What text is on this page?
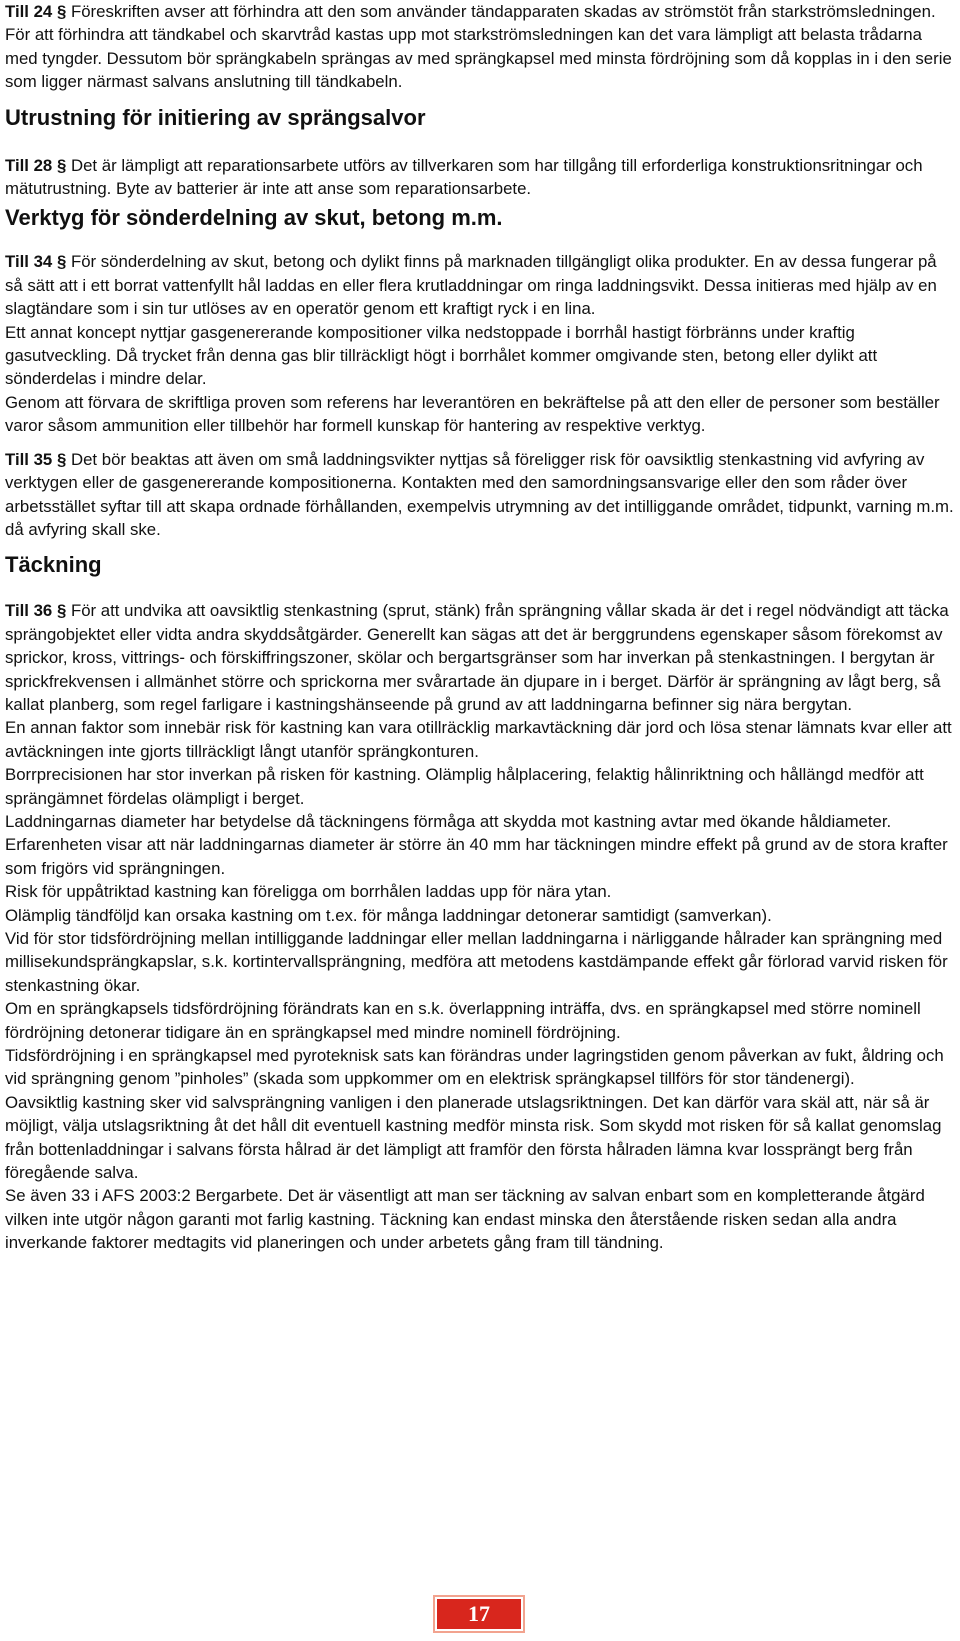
Till 24 § Föreskriften avser att förhindra att den som använder tändapparaten skadas av strömstöt från starkströmsledningen. För att förhindra att tändkabel och skarvtråd kastas upp mot starkströmsledningen kan det vara lämpligt att belasta trådarna med tyngder. Dessutom bör sprängkabeln sprängas av med sprängkapsel med minsta fördröjning som då kopplas in i den serie som ligger närmast salvans anslutning till tändkabeln.

Utrustning för initiering av sprängsalvor

Till 28 § Det är lämpligt att reparationsarbete utförs av tillverkaren som har tillgång till erforderliga konstruktionsritningar och mätutrustning. Byte av batterier är inte att anse som reparationsarbete.

Verktyg för sönderdelning av skut, betong m.m.

Till 34 § För sönderdelning av skut, betong och dylikt finns på marknaden tillgängligt olika produkter. En av dessa fungerar på så sätt att i ett borrat vattenfyllt hål laddas en eller flera krutladdningar om ringa laddningsvikt. Dessa initieras med hjälp av en slagtändare som i sin tur utlöses av en operatör genom ett kraftigt ryck i en lina.

Ett annat koncept nyttjar gasgenererande kompositioner vilka nedstoppade i borrhål hastigt förbränns under kraftig gasutveckling. Då trycket från denna gas blir tillräckligt högt i borrhålet kommer omgivande sten, betong eller dylikt att sönderdelas i mindre delar.

Genom att förvara de skriftliga proven som referens har leverantören en bekräftelse på att den eller de personer som beställer varor såsom ammunition eller tillbehör har formell kunskap för hantering av respektive verktyg.

Till 35 § Det bör beaktas att även om små laddningsvikter nyttjas så föreligger risk för oavsiktlig stenkastning vid avfyring av verktygen eller de gasgenererande kompositionerna. Kontakten med den samordningsansvarige eller den som råder över arbetsstället syftar till att skapa ordnade förhållanden, exempelvis utrymning av det intilliggande området, tidpunkt, varning m.m. då avfyring skall ske.

Täckning

Till 36 § För att undvika att oavsiktlig stenkastning (sprut, stänk) från sprängning vållar skada är det i regel nödvändigt att täcka sprängobjektet eller vidta andra skyddsåtgärder. Generellt kan sägas att det är berggrundens egenskaper såsom förekomst av sprickor, kross, vittrings- och förskiffringszoner, skölar och bergartsgränser som har inverkan på stenkastningen. I bergytan är sprickfrekvensen i allmänhet större och sprickorna mer svårartade än djupare in i berget. Därför är sprängning av lågt berg, så kallat planberg, som regel farligare i kastningshänseende på grund av att laddningarna befinner sig nära bergytan.

En annan faktor som innebär risk för kastning kan vara otillräcklig markavtäckning där jord och lösa stenar lämnats kvar eller att avtäckningen inte gjorts tillräckligt långt utanför sprängkonturen.

Borrprecisionen har stor inverkan på risken för kastning. Olämplig hålplacering, felaktig hålinriktning och hållängd medför att sprängämnet fördelas olämpligt i berget.

Laddningarnas diameter har betydelse då täckningens förmåga att skydda mot kastning avtar med ökande håldiameter. Erfarenheten visar att när laddningarnas diameter är större än 40 mm har täckningen mindre effekt på grund av de stora krafter som frigörs vid sprängningen.

Risk för uppåtriktad kastning kan föreligga om borrhålen laddas upp för nära ytan.

Olämplig tändföljd kan orsaka kastning om t.ex. för många laddningar detonerar samtidigt (samverkan).

Vid för stor tidsfördröjning mellan intilliggande laddningar eller mellan laddningarna i närliggande hålrader kan sprängning med millisekundsprängkapslar, s.k. kortintervallsprängning, medföra att metodens kastdämpande effekt går förlorad varvid risken för stenkastning ökar.

Om en sprängkapsels tidsfördröjning förändrats kan en s.k. överlappning inträffa, dvs. en sprängkapsel med större nominell fördröjning detonerar tidigare än en sprängkapsel med mindre nominell fördröjning.

Tidsfördröjning i en sprängkapsel med pyroteknisk sats kan förändras under lagringstiden genom påverkan av fukt, åldring och vid sprängning genom ”pinholes” (skada som uppkommer om en elektrisk sprängkapsel tillförs för stor tändenergi).

Oavsiktlig kastning sker vid salvsprängning vanligen i den planerade utslagsriktningen. Det kan därför vara skäl att, när så är möjligt, välja utslagsriktning åt det håll dit eventuell kastning medför minsta risk. Som skydd mot risken för så kallat genomslag från bottenladdningar i salvans första hålrad är det lämpligt att framför den första hålraden lämna kvar lossprängt berg från föregående salva.

Se även 33 i AFS 2003:2 Bergarbete. Det är väsentligt att man ser täckning av salvan enbart som en kompletterande åtgärd vilken inte utgör någon garanti mot farlig kastning. Täckning kan endast minska den återstående risken sedan alla andra inverkande faktorer medtagits vid planeringen och under arbetets gång fram till tändning.

17
